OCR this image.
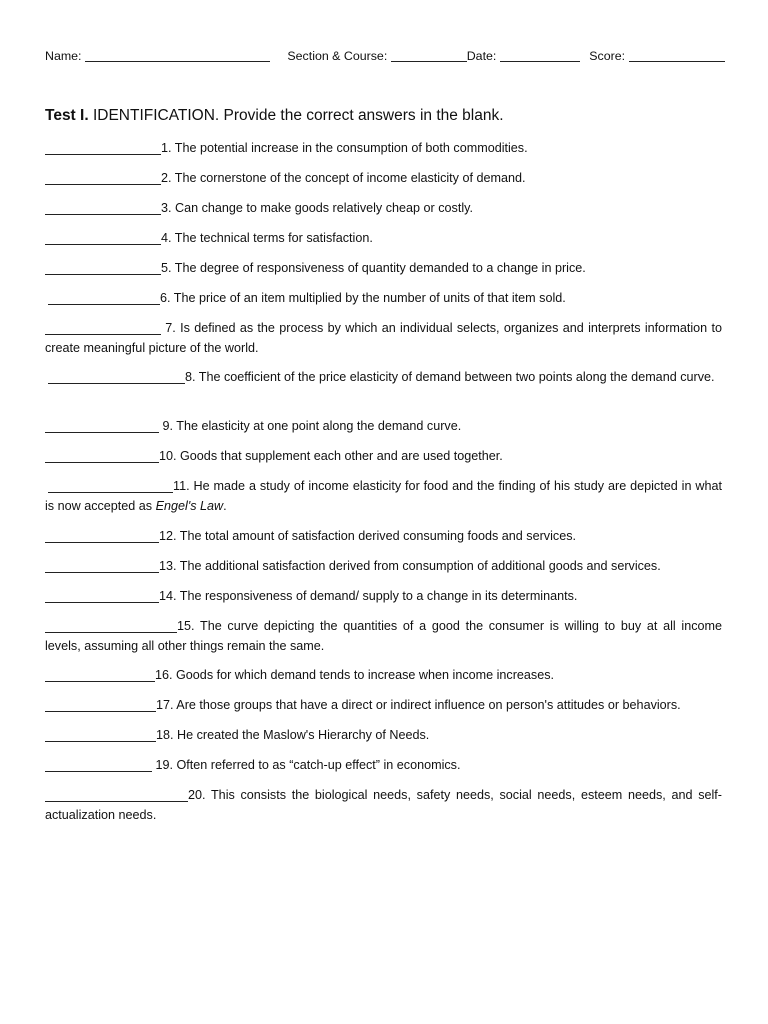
Name:	Section & Course:	Date:	Score:
Test I. IDENTIFICATION. Provide the correct answers in the blank.
1. The potential increase in the consumption of both commodities.
2. The cornerstone of the concept of income elasticity of demand.
3. Can change to make goods relatively cheap or costly.
4. The technical terms for satisfaction.
5. The degree of responsiveness of quantity demanded to a change in price.
6. The price of an item multiplied by the number of units of that item sold.
7. Is defined as the process by which an individual selects, organizes and interprets information to create meaningful picture of the world.
8. The coefficient of the price elasticity of demand between two points along the demand curve.
9. The elasticity at one point along the demand curve.
10. Goods that supplement each other and are used together.
11. He made a study of income elasticity for food and the finding of his study are depicted in what is now accepted as Engel's Law.
12. The total amount of satisfaction derived consuming foods and services.
13. The additional satisfaction derived from consumption of additional goods and services.
14. The responsiveness of demand/ supply to a change in its determinants.
15. The curve depicting the quantities of a good the consumer is willing to buy at all income levels, assuming all other things remain the same.
16. Goods for which demand tends to increase when income increases.
17. Are those groups that have a direct or indirect influence on person's attitudes or behaviors.
18. He created the Maslow's Hierarchy of Needs.
19. Often referred to as “catch-up effect” in economics.
20. This consists the biological needs, safety needs, social needs, esteem needs, and self-actualization needs.
